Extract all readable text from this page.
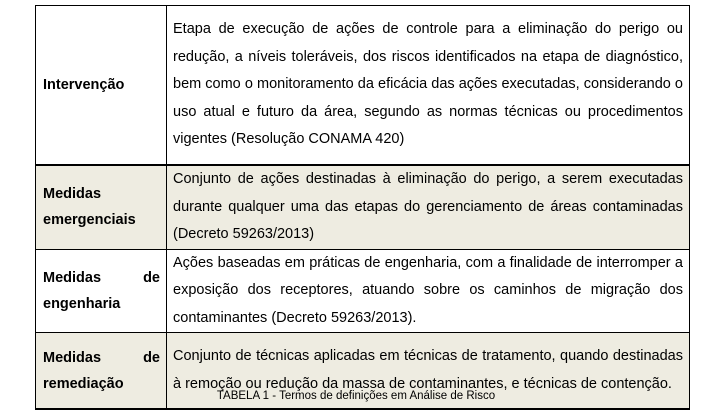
Intervenção	Etapa de execução de ações de controle para a eliminação do perigo ou redução, a níveis toleráveis, dos riscos identificados na etapa de diagnóstico, bem como o monitoramento da eficácia das ações executadas, considerando o uso atual e futuro da área, segundo as normas técnicas ou procedimentos vigentes (Resolução CONAMA 420)

Medidas
emergenciais	Conjunto de ações destinadas à eliminação do perigo, a serem executadas durante qualquer uma das etapas do gerenciamento de áreas contaminadas (Decreto 59263/2013)

Medidas de
engenharia	Ações baseadas em práticas de engenharia, com a finalidade de interromper a exposição dos receptores, atuando sobre os caminhos de migração dos contaminantes (Decreto 59263/2013).

Medidas de
remediação	Conjunto de técnicas aplicadas em técnicas de tratamento, quando destinadas à remoção ou redução da massa de contaminantes, e técnicas de contenção.
TABELA 1 - Termos de definições em Análise de Risco
